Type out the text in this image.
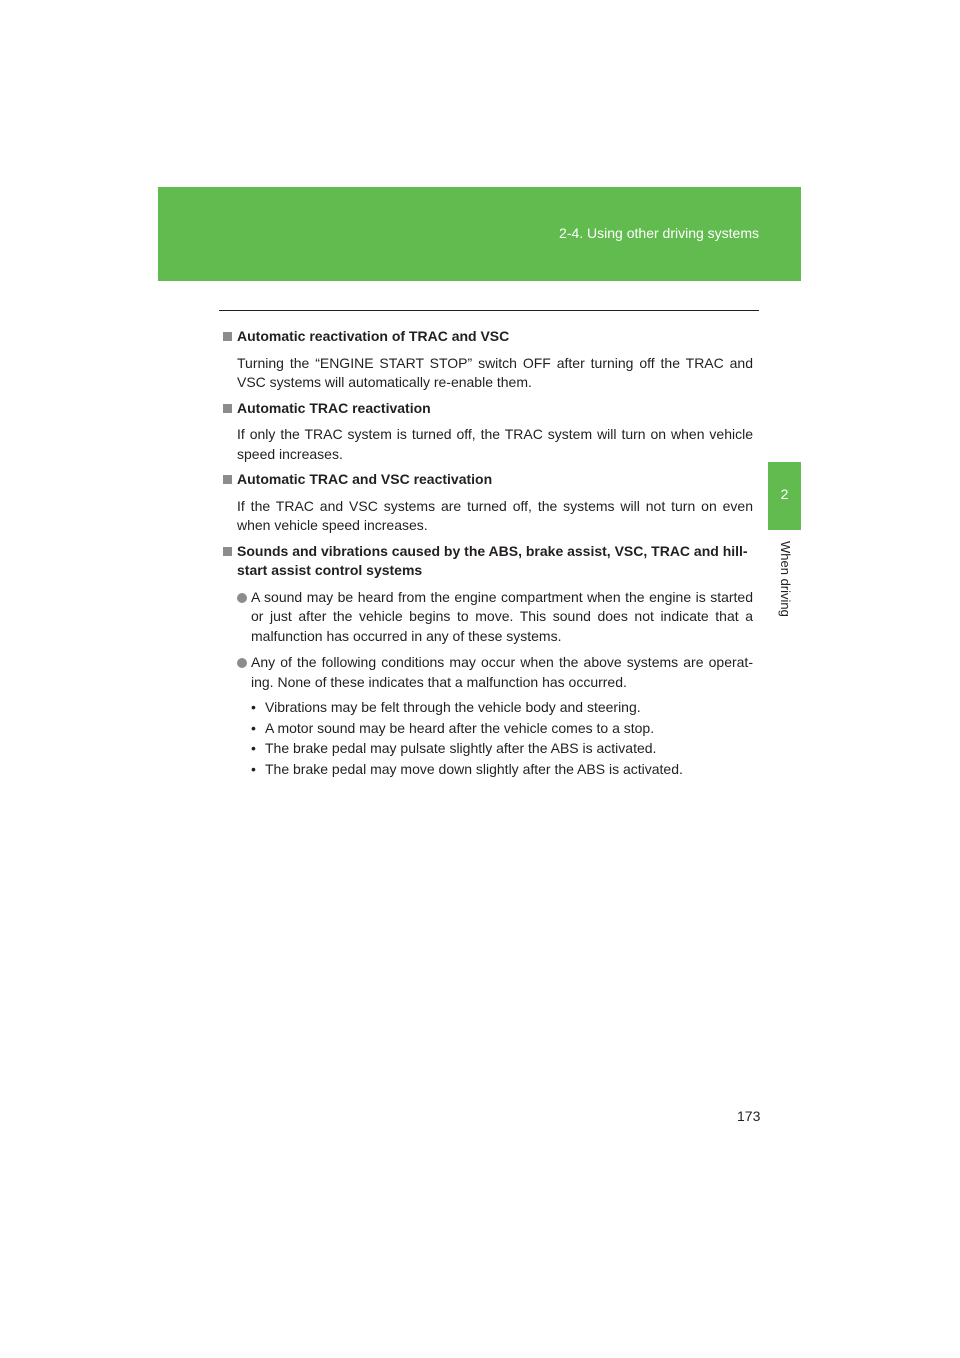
2-4. Using other driving systems
2
When driving
Automatic reactivation of TRAC and VSC
Turning the “ENGINE START STOP” switch OFF after turning off the TRAC and VSC systems will automatically re-enable them.
Automatic TRAC reactivation
If only the TRAC system is turned off, the TRAC system will turn on when vehicle speed increases.
Automatic TRAC and VSC reactivation
If the TRAC and VSC systems are turned off, the systems will not turn on even when vehicle speed increases.
Sounds and vibrations caused by the ABS, brake assist, VSC, TRAC and hill-start assist control systems
A sound may be heard from the engine compartment when the engine is started or just after the vehicle begins to move. This sound does not indicate that a malfunction has occurred in any of these systems.
Any of the following conditions may occur when the above systems are operat-ing. None of these indicates that a malfunction has occurred.
• Vibrations may be felt through the vehicle body and steering.
• A motor sound may be heard after the vehicle comes to a stop.
• The brake pedal may pulsate slightly after the ABS is activated.
• The brake pedal may move down slightly after the ABS is activated.
173
